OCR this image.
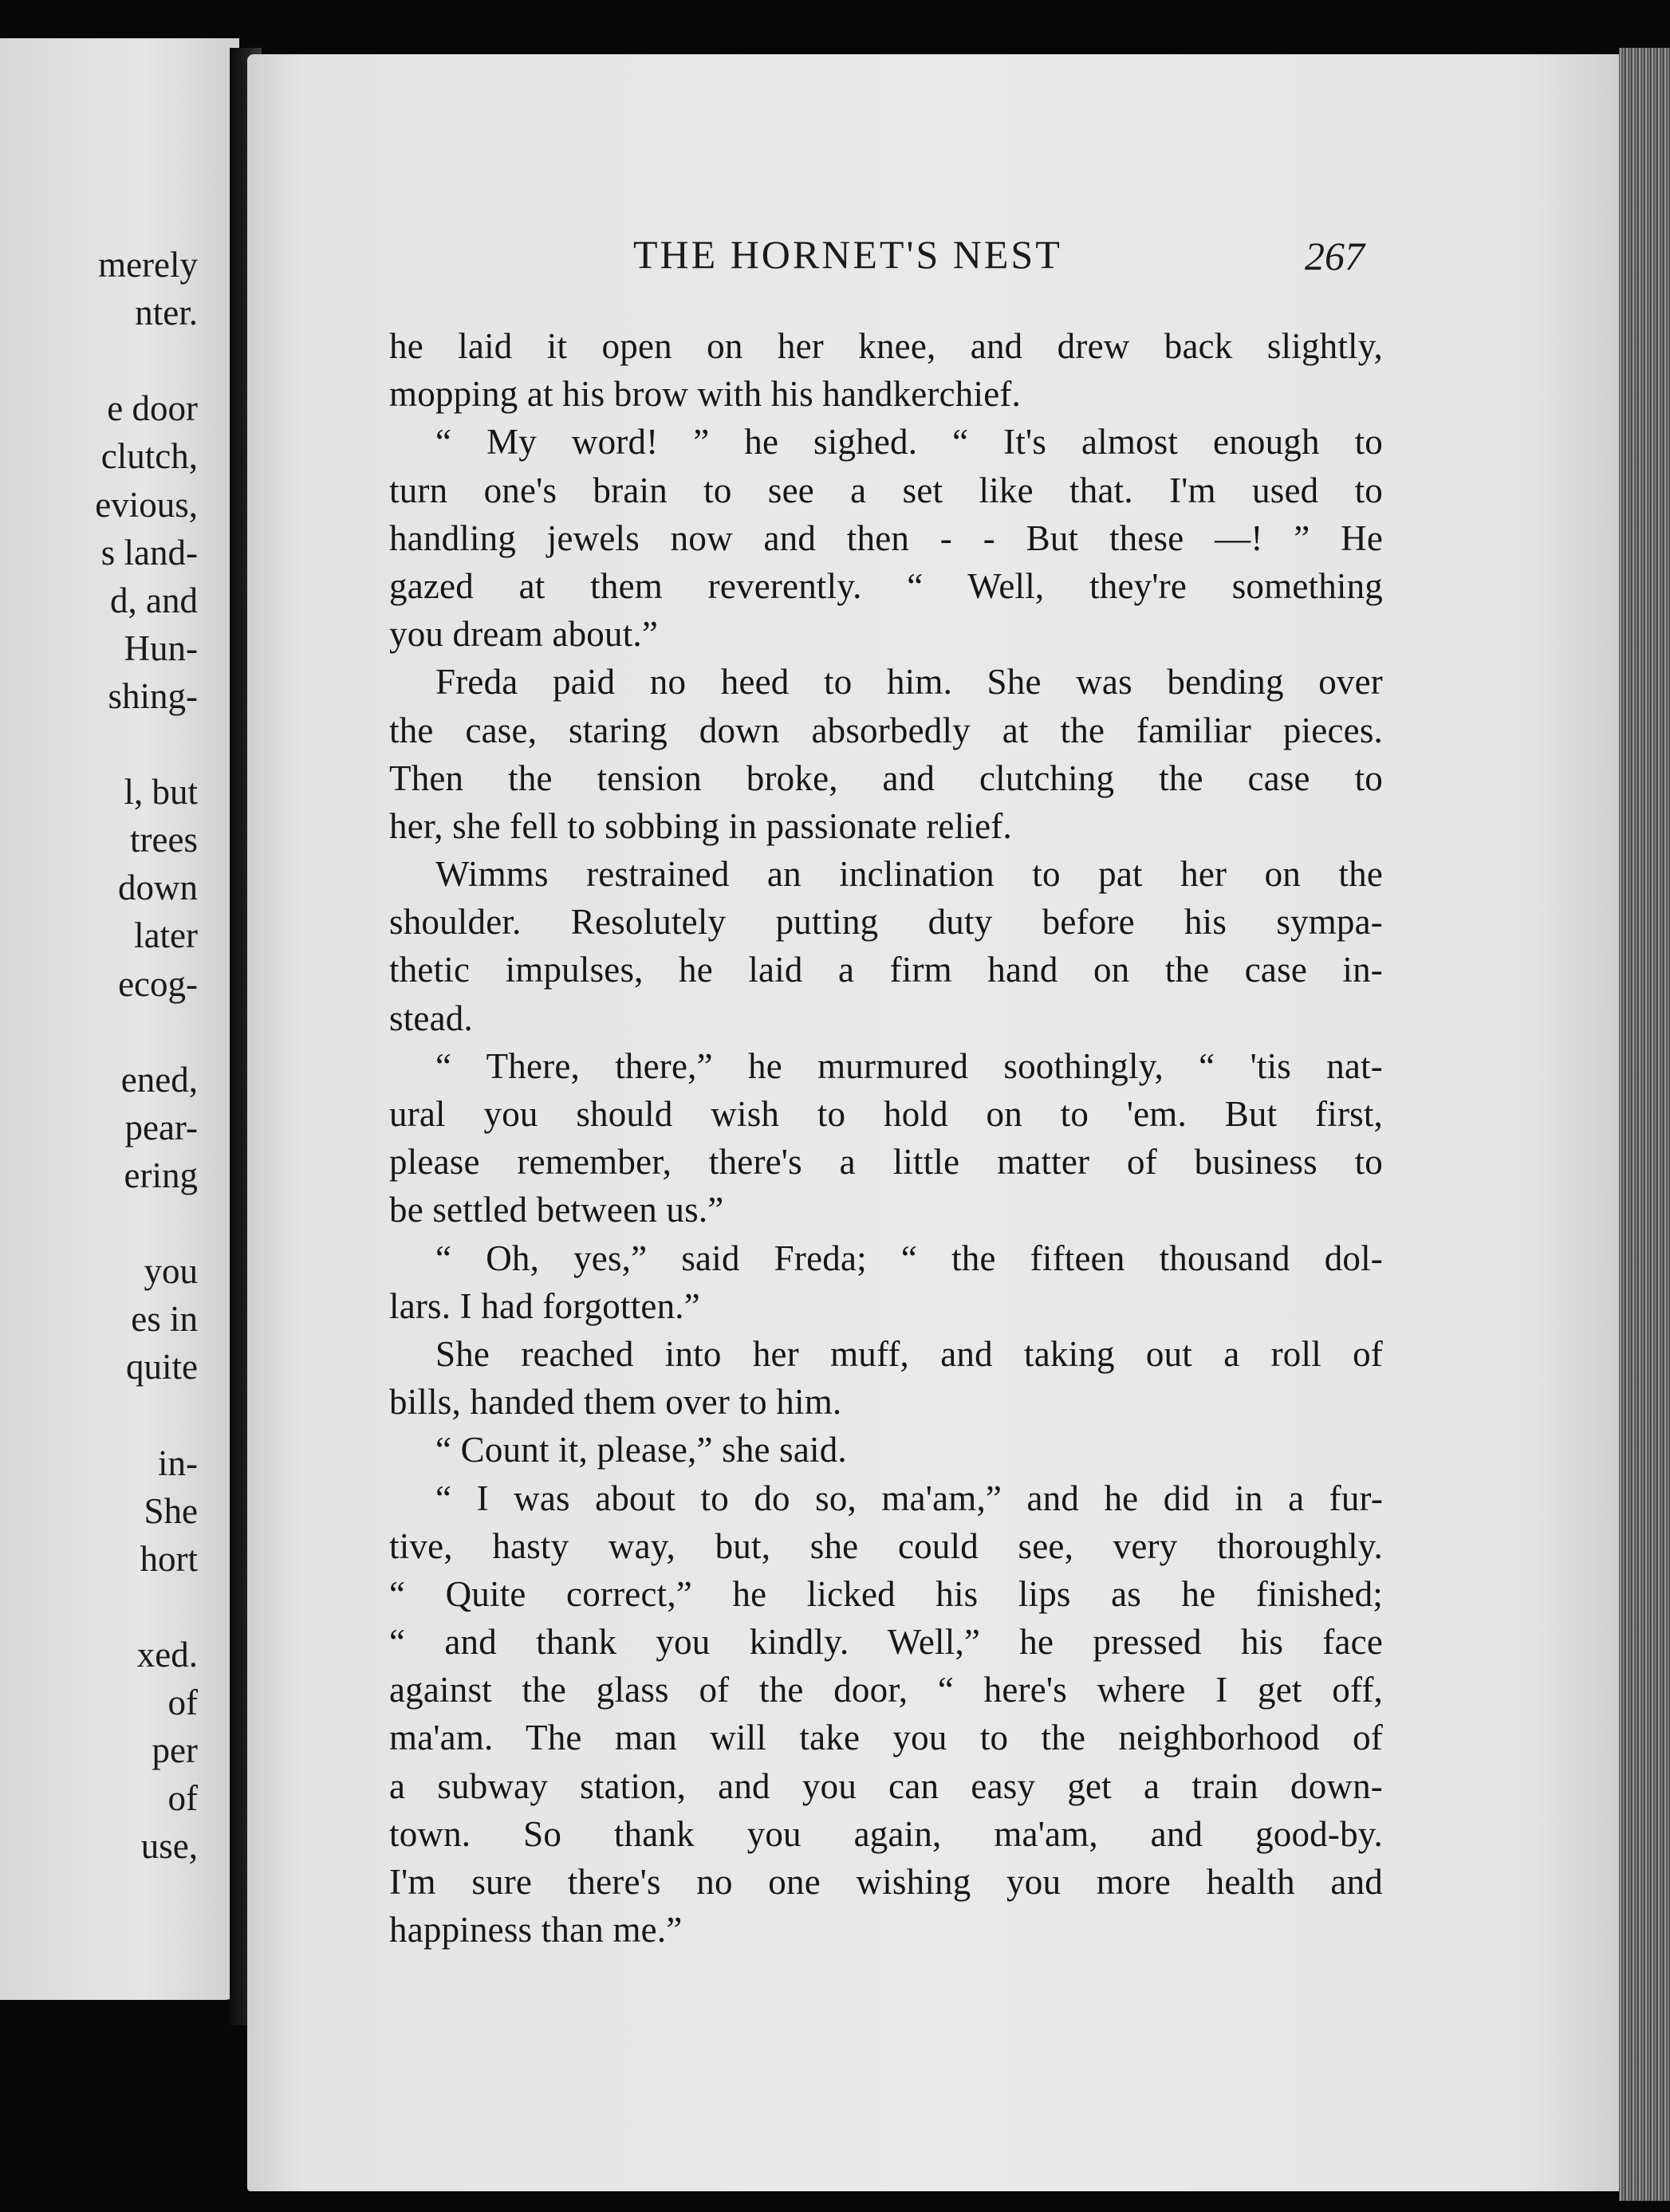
merely
nter.
e door
clutch,
evious,
s land-
d, and
Hun-
shing-
l, but
trees
down
later
ecog-
ened,
pear-
ering
you
es in
quite
in-
She
hort
xed.
of
per
of
use,
THE HORNET'S NEST	267
he laid it open on her knee, and drew back slightly,
mopping at his brow with his handkerchief.
“ My word! ” he sighed. “ It's almost enough to
turn one's brain to see a set like that. I'm used to
handling jewels now and then - - But these —! ” He
gazed at them reverently. “ Well, they're something
you dream about.”
Freda paid no heed to him. She was bending over
the case, staring down absorbedly at the familiar pieces.
Then the tension broke, and clutching the case to
her, she fell to sobbing in passionate relief.
Wimms restrained an inclination to pat her on the
shoulder. Resolutely putting duty before his sympa-
thetic impulses, he laid a firm hand on the case in-
stead.
“ There, there,” he murmured soothingly, “ 'tis nat-
ural you should wish to hold on to 'em. But first,
please remember, there's a little matter of business to
be settled between us.”
“ Oh, yes,” said Freda; “ the fifteen thousand dol-
lars. I had forgotten.”
She reached into her muff, and taking out a roll of
bills, handed them over to him.
“ Count it, please,” she said.
“ I was about to do so, ma'am,” and he did in a fur-
tive, hasty way, but, she could see, very thoroughly.
“ Quite correct,” he licked his lips as he finished;
“ and thank you kindly. Well,” he pressed his face
against the glass of the door, “ here's where I get off,
ma'am. The man will take you to the neighborhood of
a subway station, and you can easy get a train down-
town. So thank you again, ma'am, and good-by.
I'm sure there's no one wishing you more health and
happiness than me.”
